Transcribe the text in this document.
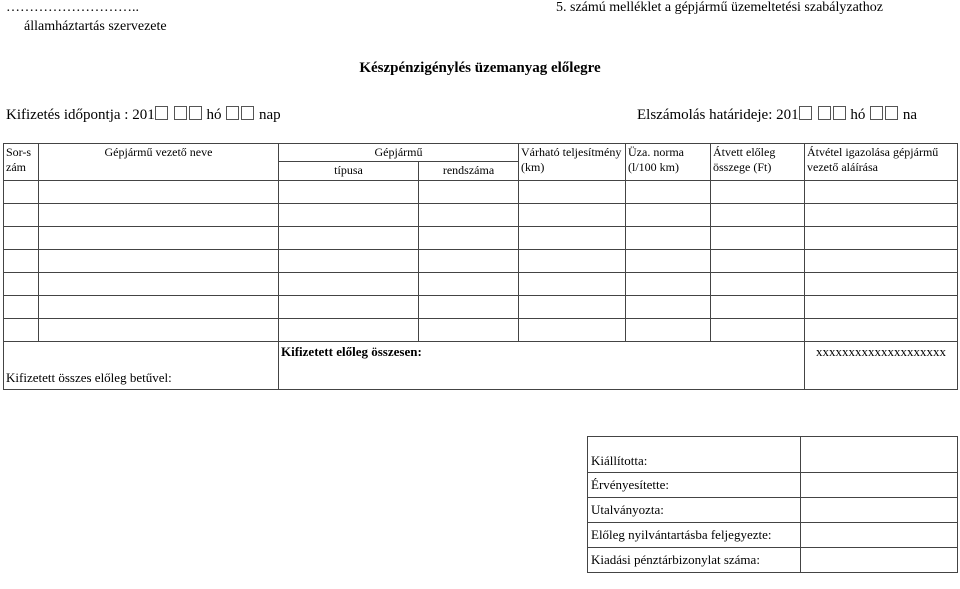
………………………..
államháztartás szervezete
5. számú melléklet a gépjármű üzemeltetési szabályzathoz
Készpénzigénylés üzemanyag előlegre
Kifizetés időpontja : 201	hó	nap	Elszámolás határideje: 201	hó	na
Sor-szám	Gépjármű vezető neve	Gépjármű		Várható teljesítmény (km)	Üza. norma (l/100 km)	Átvett előleg összege (Ft)	Átvétel igazolása gépjármű vezető aláírása
		típusa	rendszáma				

Kifizetett összes előleg betűvel:		Kifizetett előleg összesen:					xxxxxxxxxxxxxxxxxxxx
Kiállította:	
Érvényesítette:	
Utalványozta:	
Előleg nyilvántartásba feljegyezte:	
Kiadási pénztárbizonylat száma:	
